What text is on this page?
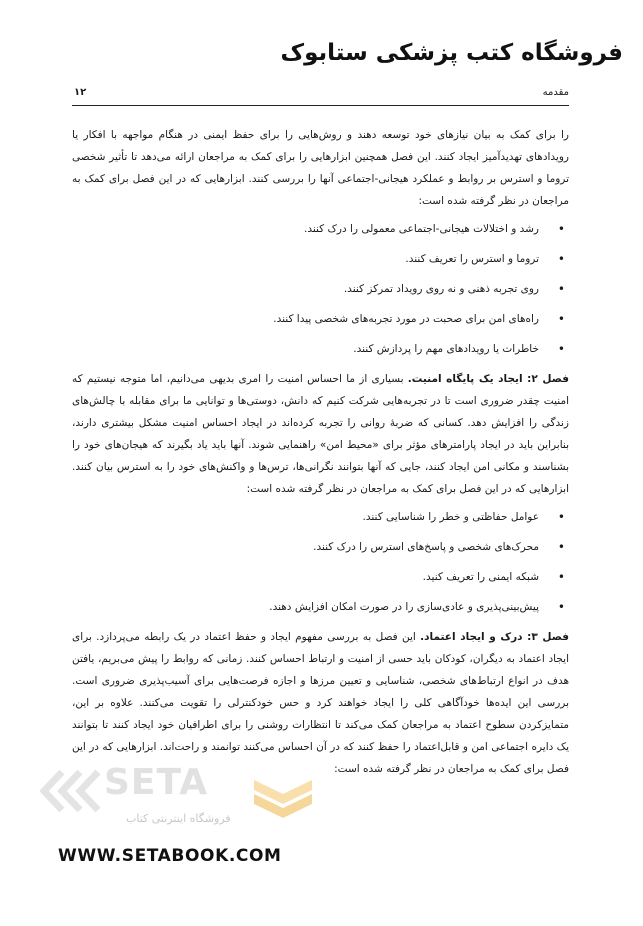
فروشگاه کتب پزشکی ستابوک
مقدمه
۱۲

را برای کمک به بیان نیازهای خود توسعه دهند و روش‌هایی را برای حفظ ایمنی در هنگام مواجهه با افکار یا رویدادهای تهدیدآمیز ایجاد کنند. این فصل همچنین ابزارهایی را برای کمک به مراجعان ارائه می‌دهد تا تأثیر شخصی تروما و استرس بر روابط و عملکرد هیجانی-اجتماعی آنها را بررسی کنند. ابزارهایی که در این فصل برای کمک به مراجعان در نظر گرفته شده است:

• رشد و اختلالات هیجانی-اجتماعی معمولی را درک کنند.
• تروما و استرس را تعریف کنند.
• روی تجربه ذهنی و نه روی رویداد تمرکز کنند.
• راه‌های امن برای صحبت در مورد تجربه‌های شخصی پیدا کنند.
• خاطرات یا رویدادهای مهم را پردازش کنند.

فصل ۲: ایجاد یک پایگاه امنیت. بسیاری از ما احساس امنیت را امری بدیهی می‌دانیم، اما متوجه نیستیم که امنیت چقدر ضروری است تا در تجربه‌هایی شرکت کنیم که دانش، دوستی‌ها و توانایی ما برای مقابله با چالش‌های زندگی را افزایش دهد. کسانی که ضربهٔ روانی را تجربه کرده‌اند در ایجاد احساس امنیت مشکل بیشتری دارند، بنابراین باید در ایجاد پارامترهای مؤثر برای «محیط امن» راهنمایی شوند. آنها باید یاد بگیرند که هیجان‌های خود را بشناسند و مکانی امن ایجاد کنند، جایی که آنها بتوانند نگرانی‌ها، ترس‌ها و واکنش‌های خود را به استرس بیان کنند. ابزارهایی که در این فصل برای کمک به مراجعان در نظر گرفته شده است:

• عوامل حفاظتی و خطر را شناسایی کنند.
• محرک‌های شخصی و پاسخ‌های استرس را درک کنند.
• شبکه ایمنی را تعریف کنید.
• پیش‌بینی‌پذیری و عادی‌سازی را در صورت امکان افزایش دهند.

فصل ۳: درک و ایجاد اعتماد. این فصل به بررسی مفهوم ایجاد و حفظ اعتماد در یک رابطه می‌پردازد. برای ایجاد اعتماد به دیگران، کودکان باید حسی از امنیت و ارتباط احساس کنند. زمانی که روابط را پیش می‌بریم، یافتن هدف در انواع ارتباط‌های شخصی، شناسایی و تعیین مرزها و اجازه فرصت‌هایی برای آسیب‌پذیری ضروری است. بررسی این ایده‌ها خودآگاهی کلی را ایجاد خواهند کرد و حس خودکنترلی را تقویت می‌کنند. علاوه بر این، متمایزکردن سطوح اعتماد به مراجعان کمک می‌کند تا انتظارات روشنی را برای اطرافیان خود ایجاد کنند تا بتوانند یک دایره اجتماعی امن و قابل‌اعتماد را حفظ کنند که در آن احساس می‌کنند توانمند و راحت‌اند. ابزارهایی که در این فصل برای کمک به مراجعان در نظر گرفته شده است:

SETA
فروشگاه اینترنتی کتاب
WWW.SETABOOK.COM
